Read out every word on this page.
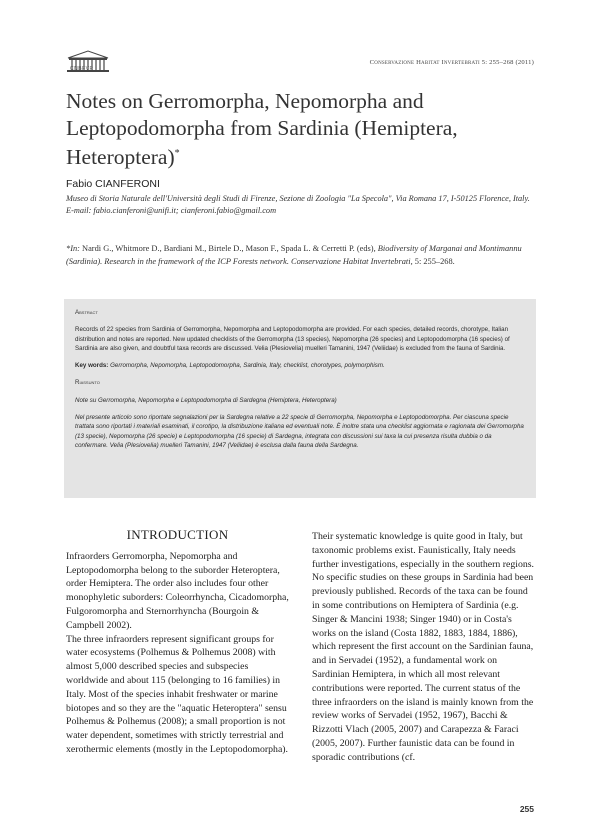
CNBFVR
Conservazione Habitat Invertebrati 5: 255–268 (2011)
Notes on Gerromorpha, Nepomorpha and Leptopodomorpha from Sardinia (Hemiptera, Heteroptera)*
Fabio CIANFERONI
Museo di Storia Naturale dell'Università degli Studi di Firenze, Sezione di Zoologia "La Specola", Via Romana 17, I-50125 Florence, Italy.
E-mail: fabio.cianferoni@unifi.it; cianferoni.fabio@gmail.com
*In: Nardi G., Whitmore D., Bardiani M., Birtele D., Mason F., Spada L. & Cerretti P. (eds), Biodiversity of Marganai and Montimannu (Sardinia). Research in the framework of the ICP Forests network. Conservazione Habitat Invertebrati, 5: 255–268.
Abstract

Records of 22 species from Sardinia of Gerromorpha, Nepomorpha and Leptopodomorpha are provided. For each species, detailed records, chorotype, Italian distribution and notes are reported. New updated checklists of the Gerromorpha (13 species), Nepomorpha (26 species) and Leptopodomorpha (16 species) of Sardinia are also given, and doubtful taxa records are discussed. Velia (Plesiovelia) muelleri Tamanini, 1947 (Veliidae) is excluded from the fauna of Sardinia.

Key words: Gerromorpha, Nepomorpha, Leptopodomorpha, Sardinia, Italy, checklist, chorotypes, polymorphism.

Riassunto

Note su Gerromorpha, Nepomorpha e Leptopodomorpha di Sardegna (Hemiptera, Heteroptera)

Nel presente articolo sono riportate segnalazioni per la Sardegna relative a 22 specie di Gerromorpha, Nepomorpha e Leptopodomorpha. Per ciascuna specie trattata sono riportati i materiali esaminati, il corotipo, la distribuzione italiana ed eventuali note. È inoltre stata una checklist aggiornata e ragionata dei Gerromorpha (13 specie), Nepomorpha (26 specie) e Leptopodomorpha (16 specie) di Sardegna, integrata con discussioni sui taxa la cui presenza risulta dubbia o da confermare. Velia (Plesiovelia) muelleri Tamanini, 1947 (Veliidae) è esclusa dalla fauna della Sardegna.

INTRODUCTION

Infraorders Gerromorpha, Nepomorpha and Leptopodomorpha belong to the suborder Heteroptera, order Hemiptera. The order also includes four other monophyletic suborders: Coleorrhyncha, Cicadomorpha, Fulgoromorpha and Sternorrhyncha (Bourgoin & Campbell 2002).

The three infraorders represent significant groups for water ecosystems (Polhemus & Polhemus 2008) with almost 5,000 described species and subspecies worldwide and about 115 (belonging to 16 families) in Italy. Most of the species inhabit freshwater or marine biotopes and so they are the "aquatic Heteroptera" sensu Polhemus & Polhemus (2008); a small proportion is not water dependent, sometimes with strictly terrestrial and xerothermic elements (mostly in the Leptopodomorpha).

Their systematic knowledge is quite good in Italy, but taxonomic problems exist. Faunistically, Italy needs further investigations, especially in the southern regions.

No specific studies on these groups in Sardinia had been previously published. Records of the taxa can be found in some contributions on Hemiptera of Sardinia (e.g. Singer & Mancini 1938; Singer 1940) or in Costa's works on the island (Costa 1882, 1883, 1884, 1886), which represent the first account on the Sardinian fauna, and in Servadei (1952), a fundamental work on Sardinian Hemiptera, in which all most relevant contributions were reported. The current status of the three infraorders on the island is mainly known from the review works of Servadei (1952, 1967), Bacchi & Rizzotti Vlach (2005, 2007) and Carapezza & Faraci (2005, 2007). Further faunistic data can be found in sporadic contributions (cf.

255
